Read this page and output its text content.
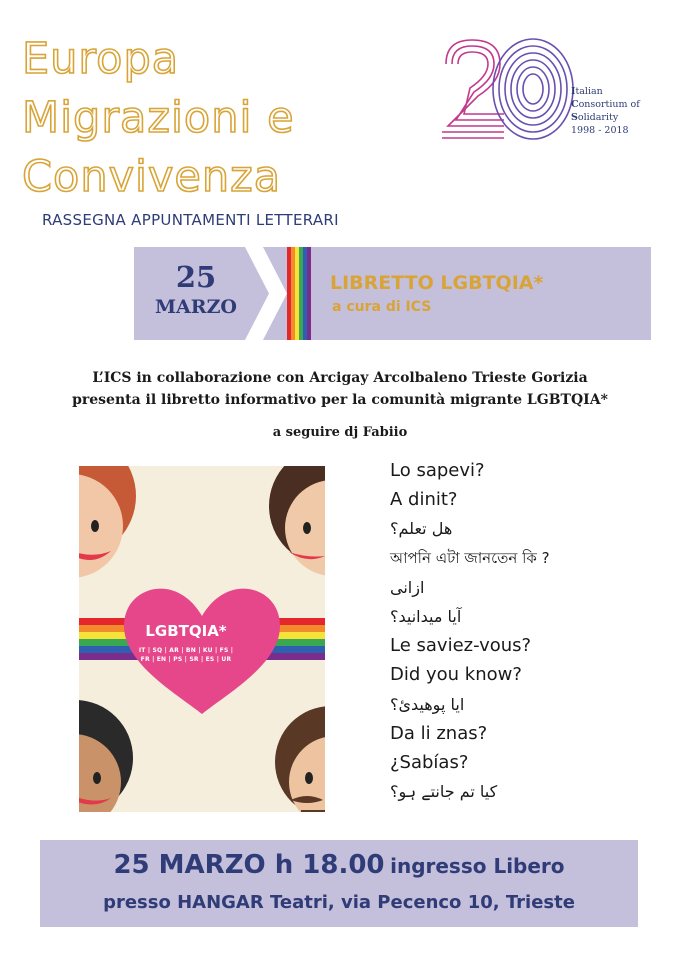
Europa
Migrazioni e
Convivenza
RASSEGNA APPUNTAMENTI LETTERARI
Italian
Consortium of
Solidarity
1998 - 2018
25
MARZO
LIBRETTO LGBTQIA*
a cura di ICS
L’ICS in collaborazione con Arcigay Arcolbaleno Trieste Gorizia
presenta il libretto informativo per la comunità migrante LGBTQIA*
a seguire dj Fabiio
LGBTQIA*
IT | SQ | AR | BN | KU | FS |
FR | EN | PS | SR | ES | UR
Lo sapevi?
A dinit?
هل تعلم؟
আপনি এটা জানতেন কি ?
ازانی
آیا میدانید؟
Le saviez-vous?
Did you know?
ایا پوهیدئ؟
Da li znas?
¿Sabías?
کیا تم جانتے ہو؟
25 MARZO h 18.00 ingresso Libero
presso HANGAR Teatri, via Pecenco 10, Trieste
